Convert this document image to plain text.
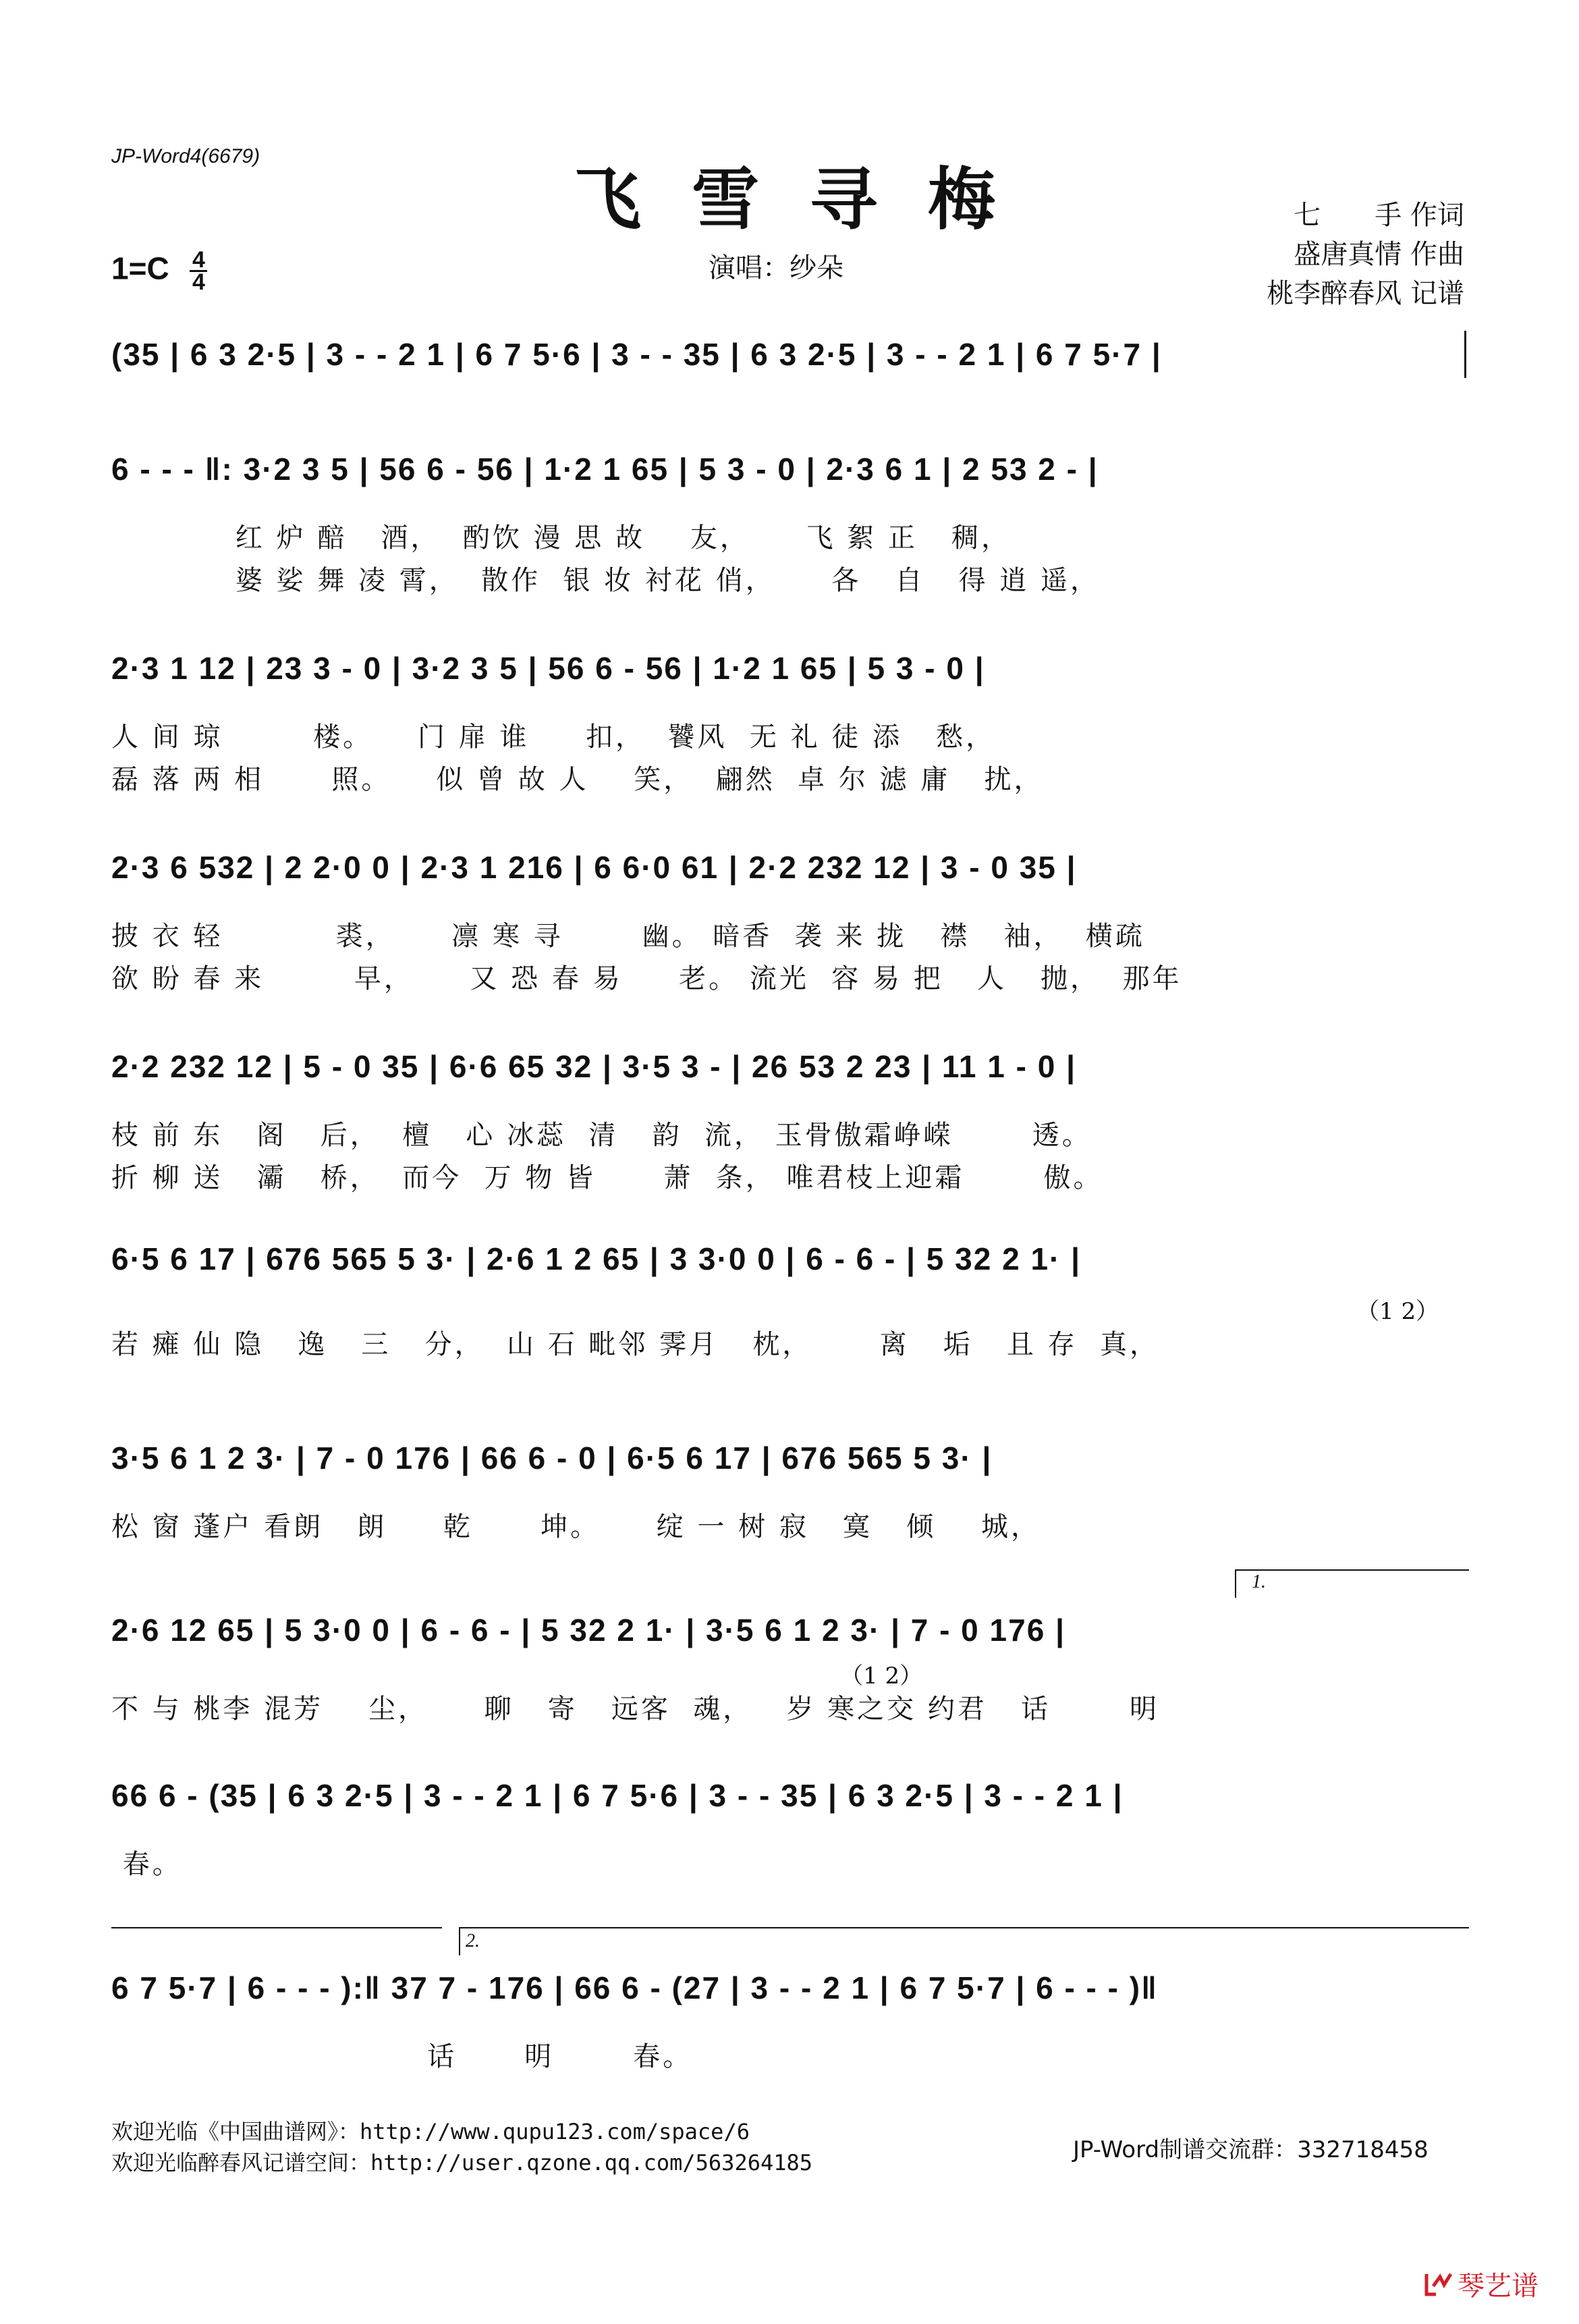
JP-Word4(6679)
飞雪寻梅	七　　手 作词
盛唐真情 作曲
桃李醉春风 记谱
$1=C \frac{4}{4}$	演唱：纱朵
(35 | 6 3 2·5 | 3 - - 2 1 | 6 7 5·6 | 3 - - 35 | 6 3 2·5 | 3 - - 2 1 | 6 7 5·7 |
6 - - - ‖: 3·2 3 5 | 56 6 - 56 | 1·2 1 65 | 5 3 - 0 | 2·3 6 1 | 2 53 2 - |
红 炉 醅   酒，  酌饮 漫 思 故    友，     飞 絮 正   稠，
婆 娑 舞 凌 霄，  散作  银 妆 衬花 俏，     各   自   得 逍 遥，
2·3 1 12 | 23 3 - 0 | 3·2 3 5 | 56 6 - 56 | 1·2 1 65 | 5 3 - 0 |
人 间 琼        楼。    门 扉 谁     扣，  饕风  无 礼 徒 添   愁，
磊 落 两 相      照。    似 曾 故 人    笑，  翩然  卓 尔 滤 庸   扰，
2·3 6 532 | 2 2·0 0 | 2·3 1 216 | 6 6·0 61 | 2·2 232 12 | 3 - 0 35 |
披 衣 轻          裘，     凛 寒 寻       幽。 暗香  袭 来 拢   襟   袖，  横疏
欲 盼 春 来        早，     又 恐 春 易     老。 流光  容 易 把   人   抛，  那年
2·2 232 12 | 5 - 0 35 | 6·6 65 32 | 3·5 3 - | 26 53 2 23 | 11 1 - 0 |
枝 前 东   阁   后，  檀   心 冰蕊  清   韵  流， 玉骨傲霜峥嵘       透。
折 柳 送   灞   桥，  而今  万 物 皆      萧  条， 唯君枝上迎霜       傲。
6·5 6 17 | 676 565 5 3· | 2·6 1 2 65 | 3 3·0 0 | 6 - 6 - | 5 32 2 1· |
（1 2）
若 瘫 仙 隐   逸   三   分，  山 石 毗邻 霁月   枕，      离   垢   且 存  真，
3·5 6 1 2 3· | 7 - 0 176 | 66 6 - 0 | 6·5 6 17 | 676 565 5 3· |
松 窗 蓬户 看朗   朗     乾      坤。     绽 一 树 寂   寞   倾    城，
1.
2·6 12 65 | 5 3·0 0 | 6 - 6 - | 5 32 2 1· | 3·5 6 1 2 3· | 7 - 0 176 |
（1 2）
不 与 桃李 混芳    尘，     聊   寄   远客  魂，   岁 寒之交 约君   话       明
66 6 - (35 | 6 3 2·5 | 3 - - 2 1 | 6 7 5·6 | 3 - - 35 | 6 3 2·5 | 3 - - 2 1 |
春。
2.
6 7 5·7 | 6 - - - ):‖ 37 7 - 176 | 66 6 - (27 | 3 - - 2 1 | 6 7 5·7 | 6 - - - )‖
话      明       春。
欢迎光临《中国曲谱网》：http://www.qupu123.com/space/6
欢迎光临醉春风记谱空间：http://user.qzone.qq.com/563264185	JP-Word制谱交流群：332718458
琴艺谱
